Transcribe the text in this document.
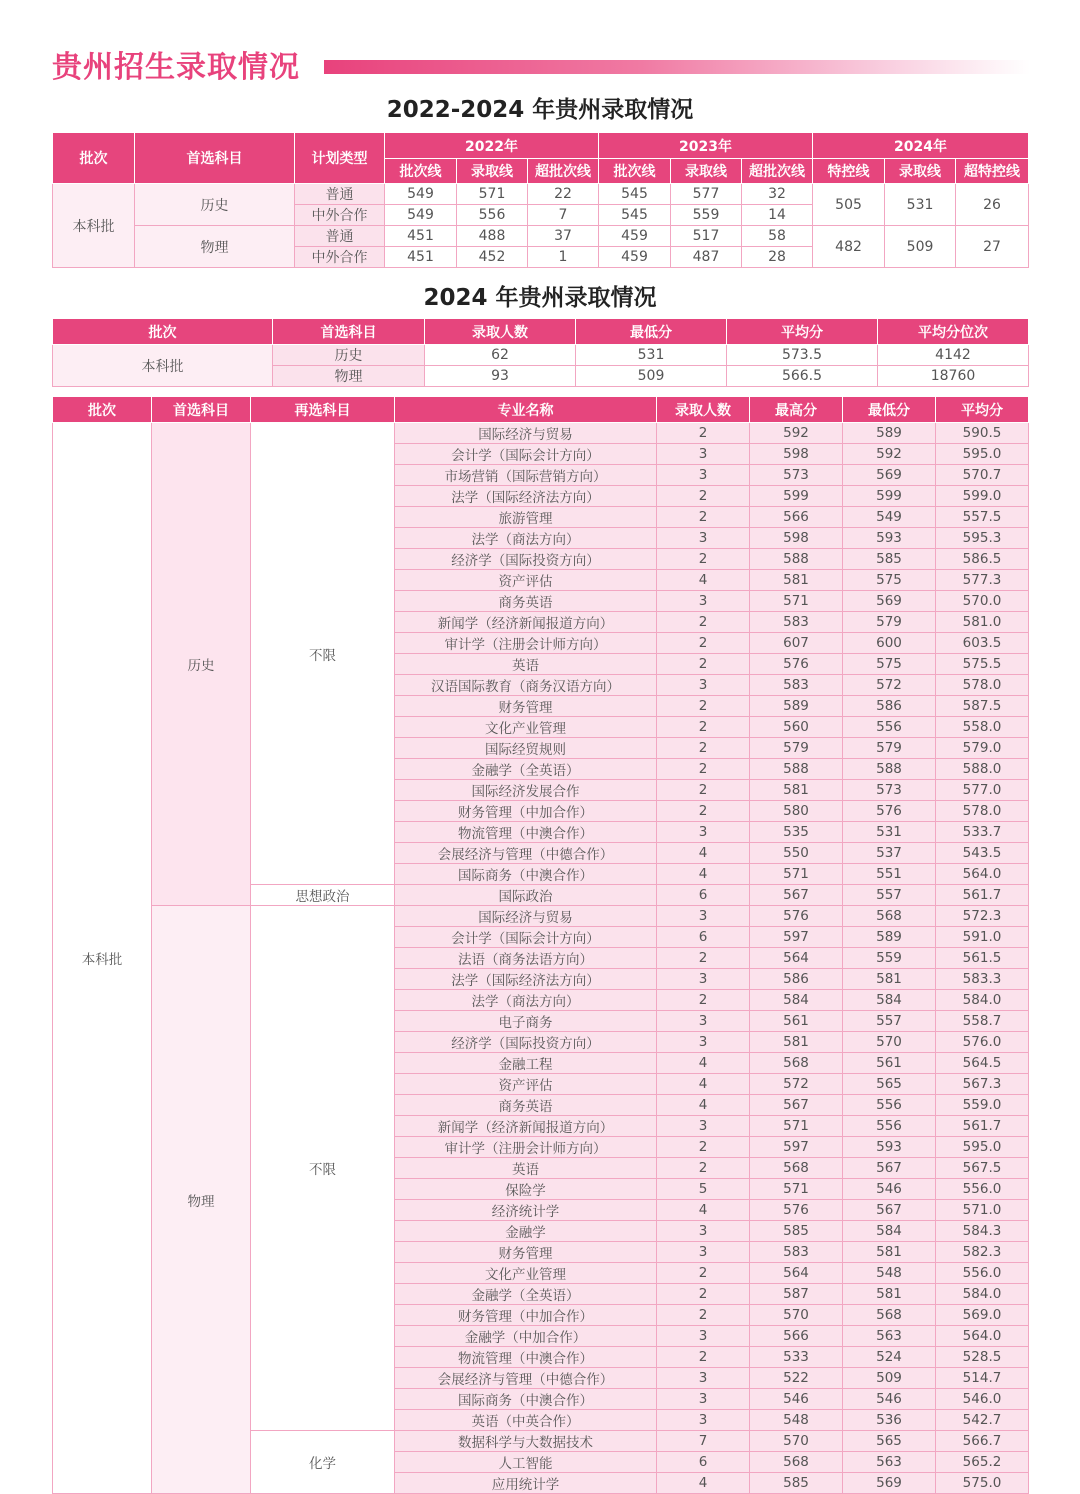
贵州招生录取情况
2022-2024 年贵州录取情况
批次	首选科目	计划类型	2022年			2023年			2024年		
			批次线	录取线	超批次线	批次线	录取线	超批次线	特控线	录取线	超特控线
本科批	历史	普通	549	571	22	545	577	32	505	531	26
		中外合作	549	556	7	545	559	14			
	物理	普通	451	488	37	459	517	58	482	509	27
		中外合作	451	452	1	459	487	28			
2024 年贵州录取情况
批次	首选科目	录取人数	最低分	平均分	平均分位次
本科批	历史	62	531	573.5	4142
	物理	93	509	566.5	18760
批次	首选科目	再选科目	专业名称	录取人数	最高分	最低分	平均分
本科批	历史	不限	国际经济与贸易	2	592	589	590.5
			会计学（国际会计方向）	3	598	592	595.0
			市场营销（国际营销方向）	3	573	569	570.7
			法学（国际经济法方向）	2	599	599	599.0
			旅游管理	2	566	549	557.5
			法学（商法方向）	3	598	593	595.3
			经济学（国际投资方向）	2	588	585	586.5
			资产评估	4	581	575	577.3
			商务英语	3	571	569	570.0
			新闻学（经济新闻报道方向）	2	583	579	581.0
			审计学（注册会计师方向）	2	607	600	603.5
			英语	2	576	575	575.5
			汉语国际教育（商务汉语方向）	3	583	572	578.0
			财务管理	2	589	586	587.5
			文化产业管理	2	560	556	558.0
			国际经贸规则	2	579	579	579.0
			金融学（全英语）	2	588	588	588.0
			国际经济发展合作	2	581	573	577.0
			财务管理（中加合作）	2	580	576	578.0
			物流管理（中澳合作）	3	535	531	533.7
			会展经济与管理（中德合作）	4	550	537	543.5
			国际商务（中澳合作）	4	571	551	564.0
		思想政治	国际政治	6	567	557	561.7
	物理	不限	国际经济与贸易	3	576	568	572.3
			会计学（国际会计方向）	6	597	589	591.0
			法语（商务法语方向）	2	564	559	561.5
			法学（国际经济法方向）	3	586	581	583.3
			法学（商法方向）	2	584	584	584.0
			电子商务	3	561	557	558.7
			经济学（国际投资方向）	3	581	570	576.0
			金融工程	4	568	561	564.5
			资产评估	4	572	565	567.3
			商务英语	4	567	556	559.0
			新闻学（经济新闻报道方向）	3	571	556	561.7
			审计学（注册会计师方向）	2	597	593	595.0
			英语	2	568	567	567.5
			保险学	5	571	546	556.0
			经济统计学	4	576	567	571.0
			金融学	3	585	584	584.3
			财务管理	3	583	581	582.3
			文化产业管理	2	564	548	556.0
			金融学（全英语）	2	587	581	584.0
			财务管理（中加合作）	2	570	568	569.0
			金融学（中加合作）	3	566	563	564.0
			物流管理（中澳合作）	2	533	524	528.5
			会展经济与管理（中德合作）	3	522	509	514.7
			国际商务（中澳合作）	3	546	546	546.0
			英语（中英合作）	3	548	536	542.7
		化学	数据科学与大数据技术	7	570	565	566.7
			人工智能	6	568	563	565.2
			应用统计学	4	585	569	575.0
